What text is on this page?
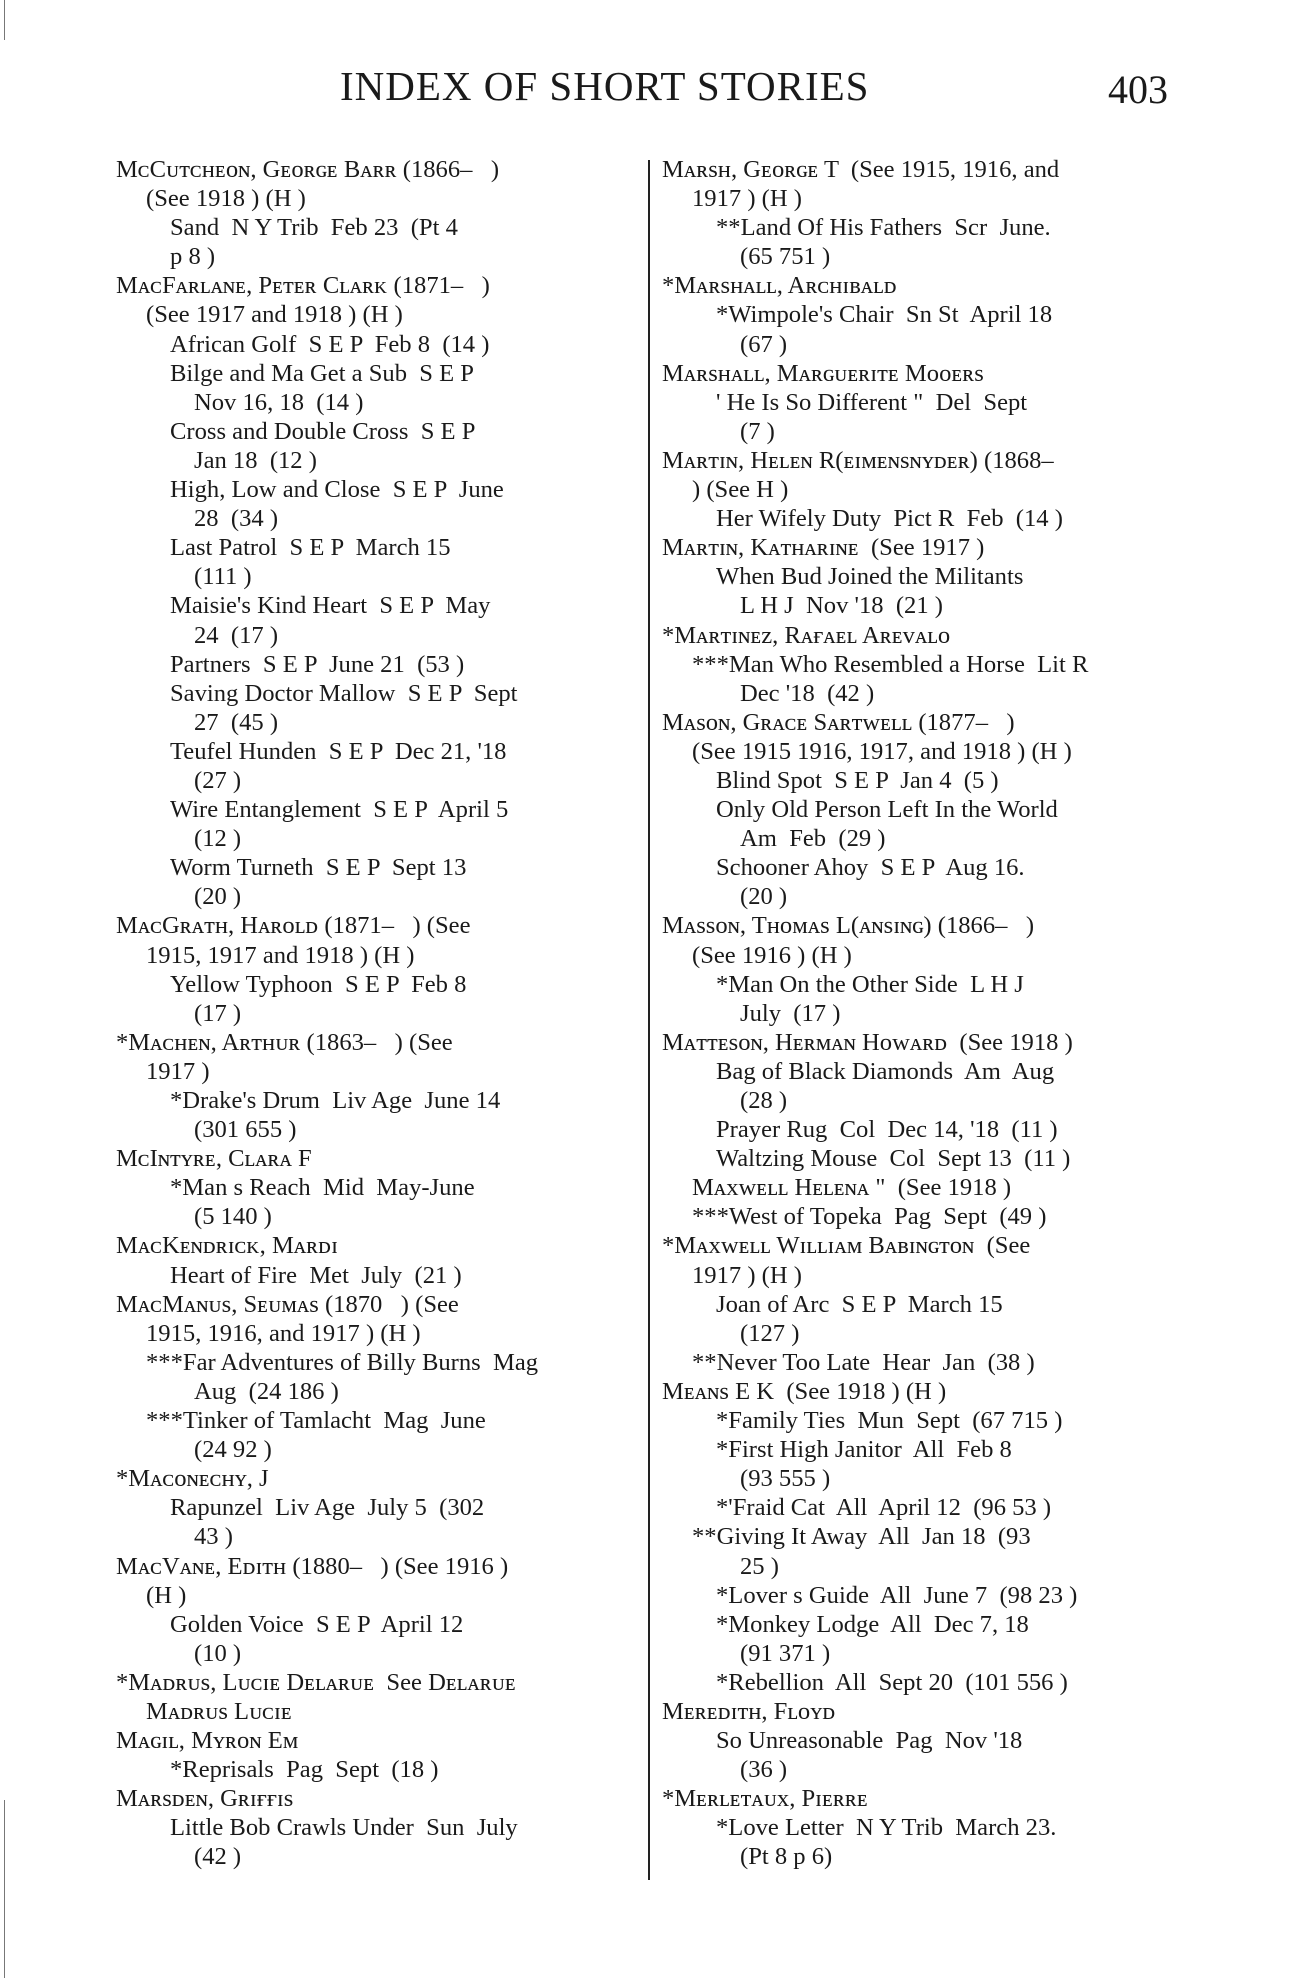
INDEX OF SHORT STORIES	403
MᴄCᴜᴛᴄʜᴇᴏɴ, Gᴇᴏʀɢᴇ Bᴀʀʀ (1866–   )
(See 1918 ) (H )
Sand  N Y Trib  Feb 23  (Pt 4
p 8 )
MᴀᴄFᴀʀʟᴀɴᴇ, Pᴇᴛᴇʀ Cʟᴀʀᴋ (1871–   )
(See 1917 and 1918 ) (H )
African Golf  S E P  Feb 8  (14 )
Bilge and Ma Get a Sub  S E P
Nov 16, 18  (14 )
Cross and Double Cross  S E P
Jan 18  (12 )
High, Low and Close  S E P  June
28  (34 )
Last Patrol  S E P  March 15
(111 )
Maisie's Kind Heart  S E P  May
24  (17 )
Partners  S E P  June 21  (53 )
Saving Doctor Mallow  S E P  Sept
27  (45 )
Teufel Hunden  S E P  Dec 21, '18
(27 )
Wire Entanglement  S E P  April 5
(12 )
Worm Turneth  S E P  Sept 13
(20 )
MᴀᴄGʀᴀᴛʜ, Hᴀʀᴏʟᴅ (1871–   ) (See
1915, 1917 and 1918 ) (H )
Yellow Typhoon  S E P  Feb 8
(17 )
*Mᴀᴄʜᴇɴ, Aʀᴛʜᴜʀ (1863–   ) (See
1917 )
*Drake's Drum  Liv Age  June 14
(301 655 )
MᴄIɴᴛʏʀᴇ, Cʟᴀʀᴀ F
*Man s Reach  Mid  May-June
(5 140 )
MᴀᴄKᴇɴᴅʀɪᴄᴋ, Mᴀʀᴅɪ
Heart of Fire  Met  July  (21 )
MᴀᴄMᴀɴᴜs, Sᴇᴜᴍᴀs (1870   ) (See
1915, 1916, and 1917 ) (H )
***Far Adventures of Billy Burns  Mag
Aug  (24 186 )
***Tinker of Tamlacht  Mag  June
(24 92 )
*Mᴀᴄᴏɴᴇᴄʜʏ, J
Rapunzel  Liv Age  July 5  (302
43 )
MᴀᴄVᴀɴᴇ, Eᴅɪᴛʜ (1880–   ) (See 1916 )
(H )
Golden Voice  S E P  April 12
(10 )
*Mᴀᴅʀᴜs, Lᴜᴄɪᴇ Dᴇʟᴀʀᴜᴇ  See Dᴇʟᴀʀᴜᴇ
Mᴀᴅʀᴜs Lᴜᴄɪᴇ
Mᴀɢɪʟ, Mʏʀᴏɴ Eᴍ
*Reprisals  Pag  Sept  (18 )
Mᴀʀsᴅᴇɴ, Gʀɪғғɪs
Little Bob Crawls Under  Sun  July
(42 )
Mᴀʀsʜ, Gᴇᴏʀɢᴇ T  (See 1915, 1916, and
1917 ) (H )
**Land Of His Fathers  Scr  June.
(65 751 )
*Mᴀʀsʜᴀʟʟ, Aʀᴄʜɪʙᴀʟᴅ
*Wimpole's Chair  Sn St  April 18
(67 )
Mᴀʀsʜᴀʟʟ, Mᴀʀɢᴜᴇʀɪᴛᴇ Mᴏᴏᴇʀs
' He Is So Different "  Del  Sept
(7 )
Mᴀʀᴛɪɴ, Hᴇʟᴇɴ R(ᴇɪᴍᴇɴsɴʏᴅᴇʀ) (1868–
) (See H )
Her Wifely Duty  Pict R  Feb  (14 )
Mᴀʀᴛɪɴ, Kᴀᴛʜᴀʀɪɴᴇ  (See 1917 )
When Bud Joined the Militants
L H J  Nov '18  (21 )
*Mᴀʀᴛɪɴᴇᴢ, Rᴀғᴀᴇʟ Aʀᴇᴠᴀʟᴏ
***Man Who Resembled a Horse  Lit R
Dec '18  (42 )
Mᴀsᴏɴ, Gʀᴀᴄᴇ Sᴀʀᴛᴡᴇʟʟ (1877–   )
(See 1915 1916, 1917, and 1918 ) (H )
Blind Spot  S E P  Jan 4  (5 )
Only Old Person Left In the World
Am  Feb  (29 )
Schooner Ahoy  S E P  Aug 16.
(20 )
Mᴀssᴏɴ, Tʜᴏᴍᴀs L(ᴀɴsɪɴɢ) (1866–   )
(See 1916 ) (H )
*Man On the Other Side  L H J
July  (17 )
Mᴀᴛᴛᴇsᴏɴ, Hᴇʀᴍᴀɴ Hᴏᴡᴀʀᴅ  (See 1918 )
Bag of Black Diamonds  Am  Aug
(28 )
Prayer Rug  Col  Dec 14, '18  (11 )
Waltzing Mouse  Col  Sept 13  (11 )
Mᴀxᴡᴇʟʟ Hᴇʟᴇɴᴀ "  (See 1918 )
***West of Topeka  Pag  Sept  (49 )
*Mᴀxᴡᴇʟʟ Wɪʟʟɪᴀᴍ Bᴀʙɪɴɢᴛᴏɴ  (See
1917 ) (H )
Joan of Arc  S E P  March 15
(127 )
**Never Too Late  Hear  Jan  (38 )
Mᴇᴀɴs E K  (See 1918 ) (H )
*Family Ties  Mun  Sept  (67 715 )
*First High Janitor  All  Feb 8
(93 555 )
*'Fraid Cat  All  April 12  (96 53 )
**Giving It Away  All  Jan 18  (93
25 )
*Lover s Guide  All  June 7  (98 23 )
*Monkey Lodge  All  Dec 7, 18
(91 371 )
*Rebellion  All  Sept 20  (101 556 )
Mᴇʀᴇᴅɪᴛʜ, Fʟᴏʏᴅ
So Unreasonable  Pag  Nov '18
(36 )
*Mᴇʀʟᴇᴛᴀᴜx, Pɪᴇʀʀᴇ
*Love Letter  N Y Trib  March 23.
(Pt 8 p 6)
